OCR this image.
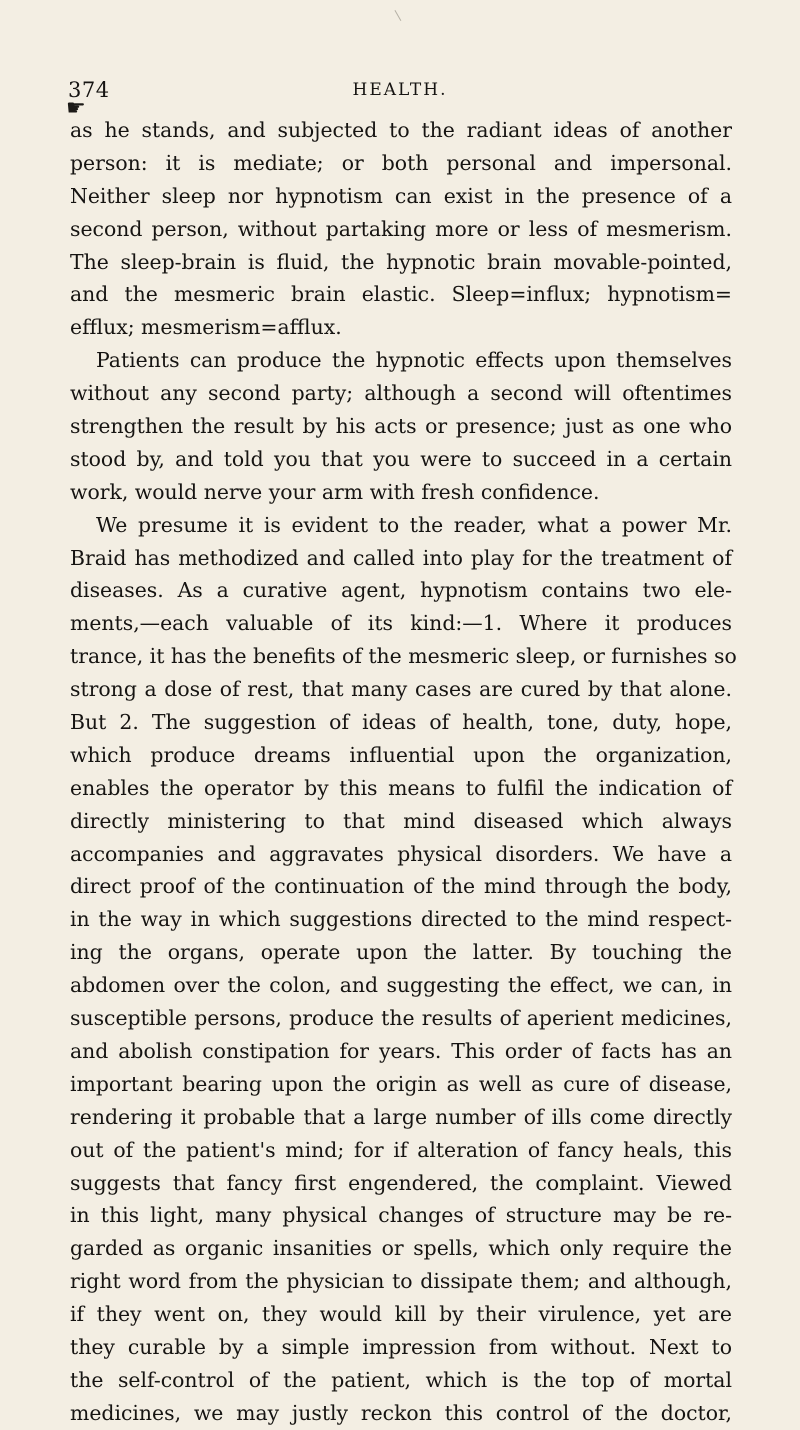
374	HEALTH.
☛
as he stands, and subjected to the radiant ideas of another
person: it is mediate; or both personal and impersonal.
Neither sleep nor hypnotism can exist in the presence of a
second person, without partaking more or less of mesmerism.
The sleep-brain is fluid, the hypnotic brain movable-pointed,
and the mesmeric brain elastic. Sleep=influx; hypnotism=
efflux; mesmerism=afflux.
Patients can produce the hypnotic effects upon themselves
without any second party; although a second will oftentimes
strengthen the result by his acts or presence; just as one who
stood by, and told you that you were to succeed in a certain
work, would nerve your arm with fresh confidence.
We presume it is evident to the reader, what a power Mr.
Braid has methodized and called into play for the treatment of
diseases. As a curative agent, hypnotism contains two ele-
ments,—each valuable of its kind:—1. Where it produces
trance, it has the benefits of the mesmeric sleep, or furnishes so
strong a dose of rest, that many cases are cured by that alone.
But 2. The suggestion of ideas of health, tone, duty, hope,
which produce dreams influential upon the organization,
enables the operator by this means to fulfil the indication of
directly ministering to that mind diseased which always
accompanies and aggravates physical disorders. We have a
direct proof of the continuation of the mind through the body,
in the way in which suggestions directed to the mind respect-
ing the organs, operate upon the latter. By touching the
abdomen over the colon, and suggesting the effect, we can, in
susceptible persons, produce the results of aperient medicines,
and abolish constipation for years. This order of facts has an
important bearing upon the origin as well as cure of disease,
rendering it probable that a large number of ills come directly
out of the patient's mind; for if alteration of fancy heals, this
suggests that fancy first engendered, the complaint. Viewed
in this light, many physical changes of structure may be re-
garded as organic insanities or spells, which only require the
right word from the physician to dissipate them; and although,
if they went on, they would kill by their virulence, yet are
they curable by a simple impression from without. Next to
the self-control of the patient, which is the top of mortal
medicines, we may justly reckon this control of the doctor,
